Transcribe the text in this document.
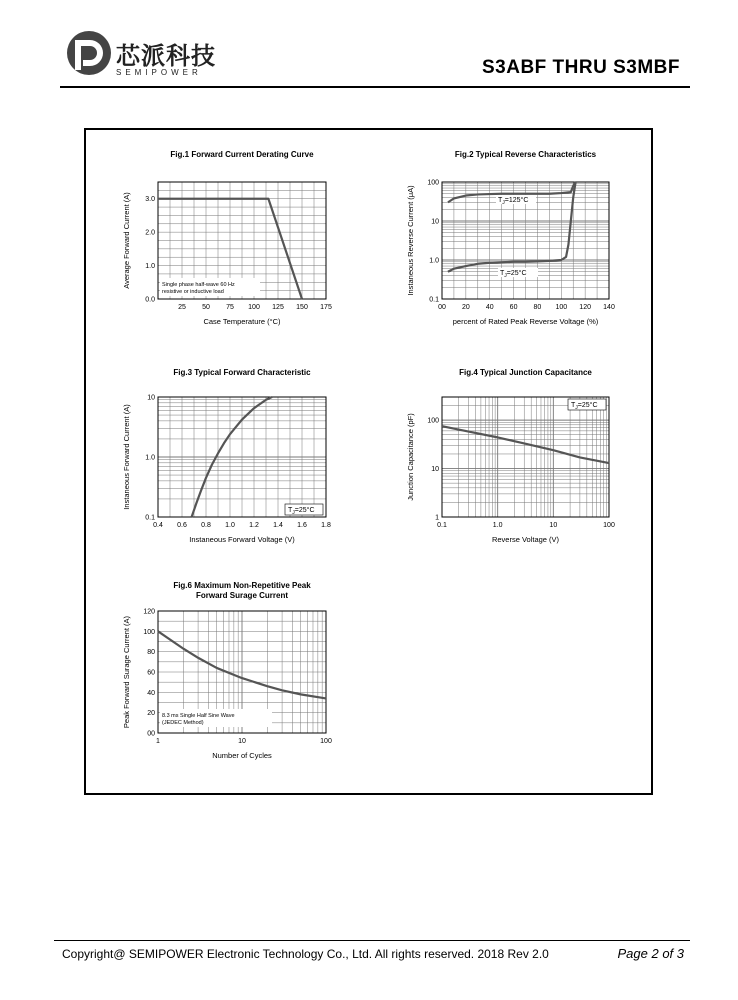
芯派科技
SEMIPOWER	S3ABF THRU S3MBF
Fig.1 Forward Current Derating Curve
25 50 75 100 125 150 175
0.0
1.0
2.0
3.0
Case Temperature (°C)
Average Forward Current (A)	Single phase half-wave 60 Hz
resistive or inductive load
Fig.2 Typical Reverse Characteristics
00 20 40 60 80 100 120 140
0.1
1.0
10
100
percent of Rated Peak Reverse Voltage (%)
Instaneous Reverse Current (μA)	$T_J=125^\circ C$
$T_J=25^\circ C$
Fig.3 Typical Forward Characteristic
0.4 0.6 0.8 1.0 1.2 1.4 1.6 1.8
0.1
1.0
10
Instaneous Forward Voltage (V)
Instaneous Forward Current (A)
$T_J=25^\circ C$
Fig.4 Typical Junction Capacitance
0.1	1.0	10	100
1
10
100
Reverse Voltage (V)
Junction Capacitance (pF)
$T_J=25^\circ C$
Fig.6 Maximum Non-Repetitive Peak
Forward Surage Current
1	10	100
00
20
40
60
80
100
120
Number of Cycles
Peak Forward Surage Current (A)	8.3 ms Single Half Sine Wave
(JEDEC Method)
Copyright@ SEMIPOWER Electronic Technology Co., Ltd. All rights reserved. 2018 Rev 2.0	Page 2 of 3
